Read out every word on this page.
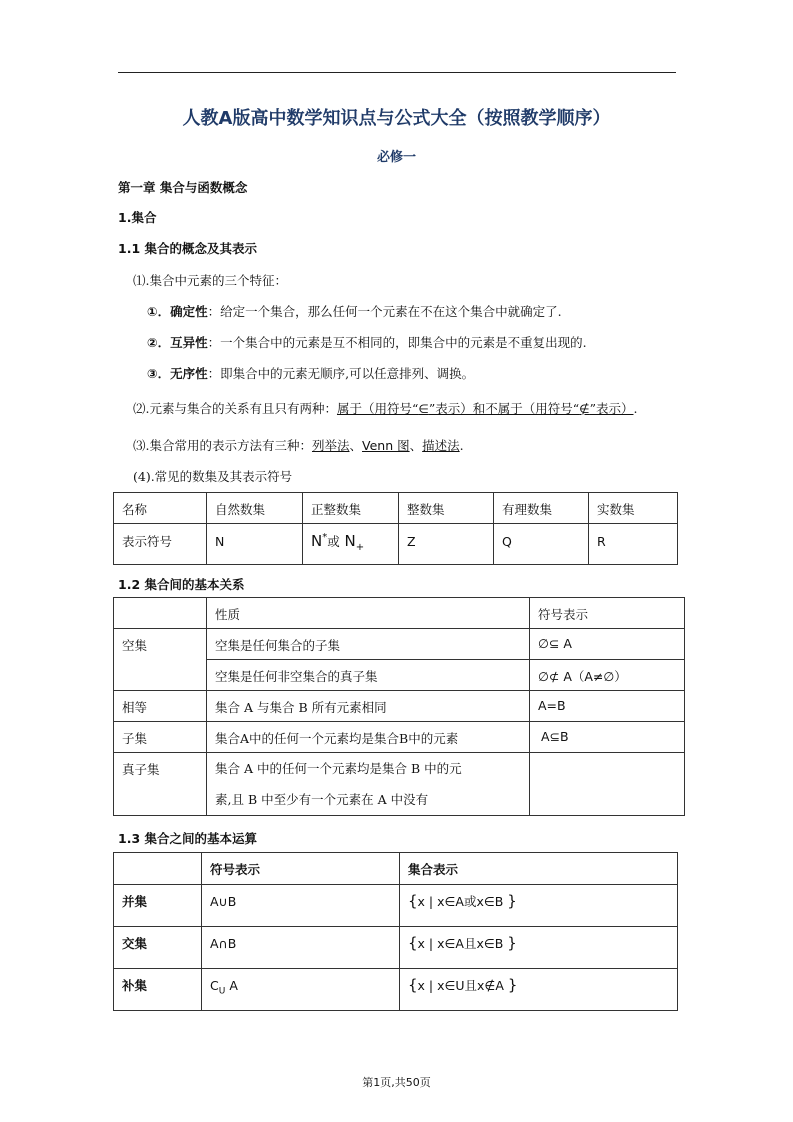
人教A版高中数学知识点与公式大全（按照教学顺序）
必修一
第一章 集合与函数概念
1.集合
1.1 集合的概念及其表示
⑴.集合中元素的三个特征：
①．确定性：给定一个集合，那么任何一个元素在不在这个集合中就确定了.
②．互异性：一个集合中的元素是互不相同的，即集合中的元素是不重复出现的.
③．无序性：即集合中的元素无顺序,可以任意排列、调换。
⑵.元素与集合的关系有且只有两种：属于（用符号“∈”表示）和不属于（用符号“∉”表示）.
⑶.集合常用的表示方法有三种：列举法、Venn 图、描述法.
(4).常见的数集及其表示符号
名称	自然数集	正整数集	整数集	有理数集	实数集
表示符号	N	N*或 $N_+$	Z	Q	R
1.2 集合间的基本关系
	性质	符号表示
空集	空集是任何集合的子集	∅⊆ A
	空集是任何非空集合的真子集	∅⊄ A（A≠∅）
相等	集合 A 与集合 B 所有元素相同	A=B
子集	集合A中的任何一个元素均是集合B中的元素	A⊆B
真子集	集合 A 中的任何一个元素均是集合 B 中的元
素,且 B 中至少有一个元素在 A 中没有	

1.3 集合之间的基本运算
	符号表示	集合表示
并集	A∪B	{x | x∈A或x∈B }
交集	A∩B	{x | x∈A且x∈B }
补集	$C_U$ A	{x | x∈U且x∉A }
第1页,共50页
